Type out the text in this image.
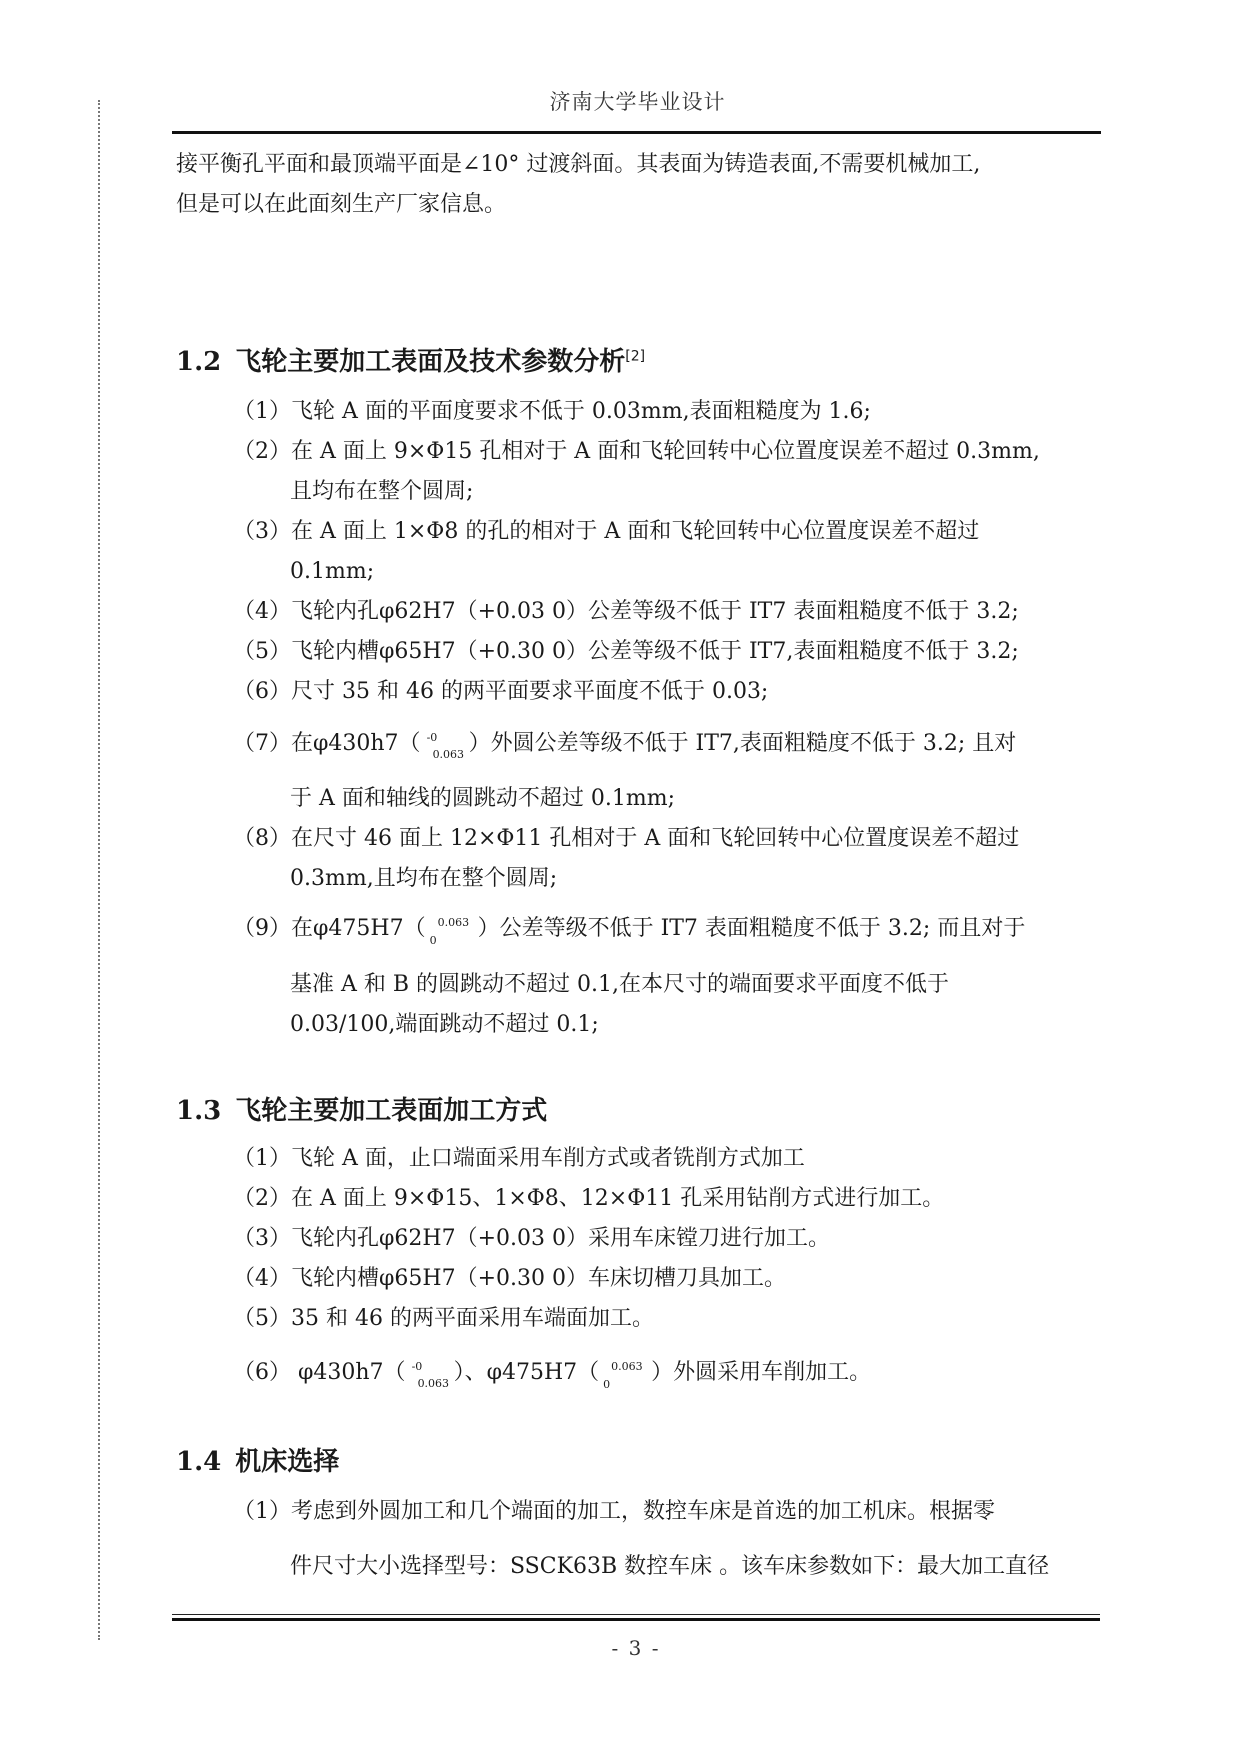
济南大学毕业设计
接平衡孔平面和最顶端平面是∠10° 过渡斜面。其表面为铸造表面,不需要机械加工,
但是可以在此面刻生产厂家信息。
1.2 飞轮主要加工表面及技术参数分析[2]
（1）飞轮 A 面的平面度要求不低于 0.03mm,表面粗糙度为 1.6;
（2）在 A 面上 9×Φ15 孔相对于 A 面和飞轮回转中心位置度误差不超过 0.3mm,
且均布在整个圆周;
（3）在 A 面上 1×Φ8 的孔的相对于 A 面和飞轮回转中心位置度误差不超过
0.1mm;
（4）飞轮内孔φ62H7（+0.03 0）公差等级不低于 IT7 表面粗糙度不低于 3.2;
（5）飞轮内槽φ65H7（+0.30 0）公差等级不低于 IT7,表面粗糙度不低于 3.2;
（6）尺寸 35 和 46 的两平面要求平面度不低于 0.03;
（7）在φ430h7（ -0
0.063 ）外圆公差等级不低于 IT7,表面粗糙度不低于 3.2; 且对
于 A 面和轴线的圆跳动不超过 0.1mm;
（8）在尺寸 46 面上 12×Φ11 孔相对于 A 面和飞轮回转中心位置度误差不超过
0.3mm,且均布在整个圆周;
（9）在φ475H7（ 0.063
0 ）公差等级不低于 IT7 表面粗糙度不低于 3.2; 而且对于
基准 A 和 B 的圆跳动不超过 0.1,在本尺寸的端面要求平面度不低于
0.03/100,端面跳动不超过 0.1;
1.3 飞轮主要加工表面加工方式
（1）飞轮 A 面，止口端面采用车削方式或者铣削方式加工
（2）在 A 面上 9×Φ15、1×Φ8、12×Φ11 孔采用钻削方式进行加工。
（3）飞轮内孔φ62H7（+0.03 0）采用车床镗刀进行加工。
（4）飞轮内槽φ65H7（+0.30 0）车床切槽刀具加工。
（5）35 和 46 的两平面采用车端面加工。
（6） φ430h7（ -0
0.063 ）、φ475H7（ 0.063
0 ）外圆采用车削加工。
1.4 机床选择
（1）考虑到外圆加工和几个端面的加工，数控车床是首选的加工机床。根据零
件尺寸大小选择型号：SSCK63B 数控车床 。该车床参数如下：最大加工直径
- 3 -
